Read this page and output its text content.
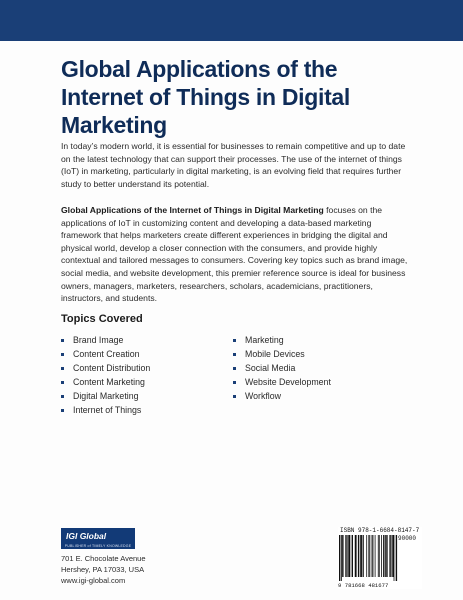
Global Applications of the Internet of Things in Digital Marketing

In today’s modern world, it is essential for businesses to remain competitive and up to date on the latest technology that can support their processes. The use of the internet of things (IoT) in marketing, particularly in digital marketing, is an evolving field that requires further study to better understand its potential.

Global Applications of the Internet of Things in Digital Marketing focuses on the applications of IoT in customizing content and developing a data-based marketing framework that helps marketers create different experiences in bridging the digital and physical world, develop a closer connection with the consumers, and provide highly contextual and tailored messages to consumers. Covering key topics such as brand image, social media, and website development, this premier reference source is ideal for business owners, managers, marketers, researchers, scholars, academicians, practitioners, instructors, and students.

Topics Covered
Brand Image
Content Creation
Content Distribution
Content Marketing
Digital Marketing
Internet of Things
Marketing
Mobile Devices
Social Media
Website Development
Workflow
IGI Global
PUBLISHER of TIMELY KNOWLEDGE
701 E. Chocolate Avenue
Hershey, PA 17033, USA
www.igi-global.com
ISBN 978-1-6684-8147-7
90000
9 781668 481677
